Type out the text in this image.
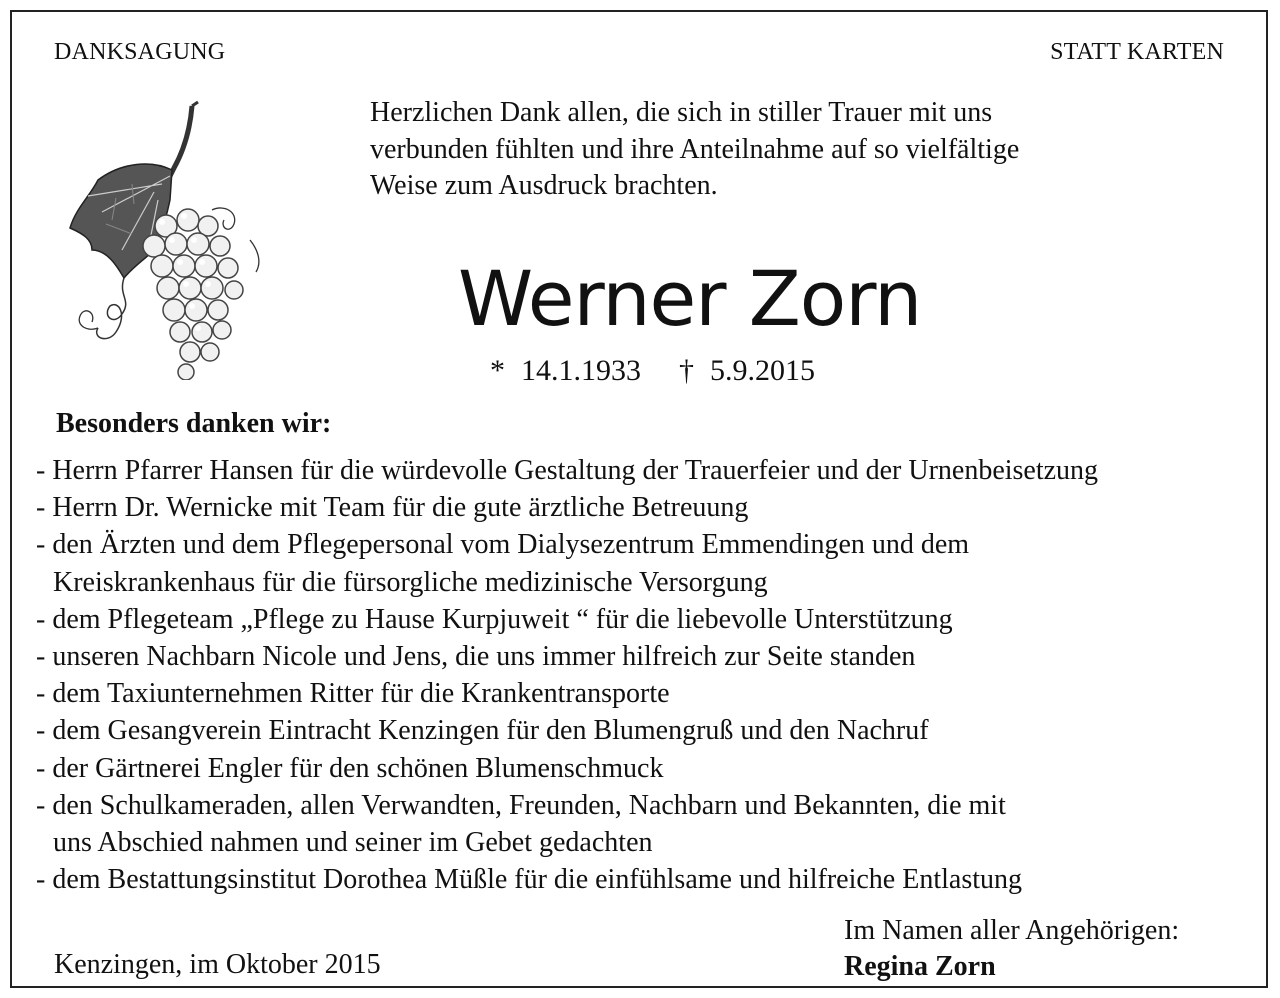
DANKSAGUNG	STATT KARTEN
Herzlichen Dank allen, die sich in stiller Trauer mit uns
verbunden fühlten und ihre Anteilnahme auf so vielfältige
Weise zum Ausdruck brachten.
Werner Zorn
* 14.1.1933 † 5.9.2015
Besonders danken wir:
- Herrn Pfarrer Hansen für die würdevolle Gestaltung der Trauerfeier und der Urnenbeisetzung
- Herrn Dr. Wernicke mit Team für die gute ärztliche Betreuung
- den Ärzten und dem Pflegepersonal vom Dialysezentrum Emmendingen und dem
Kreiskrankenhaus für die fürsorgliche medizinische Versorgung
- dem Pflegeteam „Pflege zu Hause Kurpjuweit “ für die liebevolle Unterstützung
- unseren Nachbarn Nicole und Jens, die uns immer hilfreich zur Seite standen
- dem Taxiunternehmen Ritter für die Krankentransporte
- dem Gesangverein Eintracht Kenzingen für den Blumengruß und den Nachruf
- der Gärtnerei Engler für den schönen Blumenschmuck
- den Schulkameraden, allen Verwandten, Freunden, Nachbarn und Bekannten, die mit
uns Abschied nahmen und seiner im Gebet gedachten
- dem Bestattungsinstitut Dorothea Müßle für die einfühlsame und hilfreiche Entlastung
Im Namen aller Angehörigen:
Regina Zorn
Kenzingen, im Oktober 2015
